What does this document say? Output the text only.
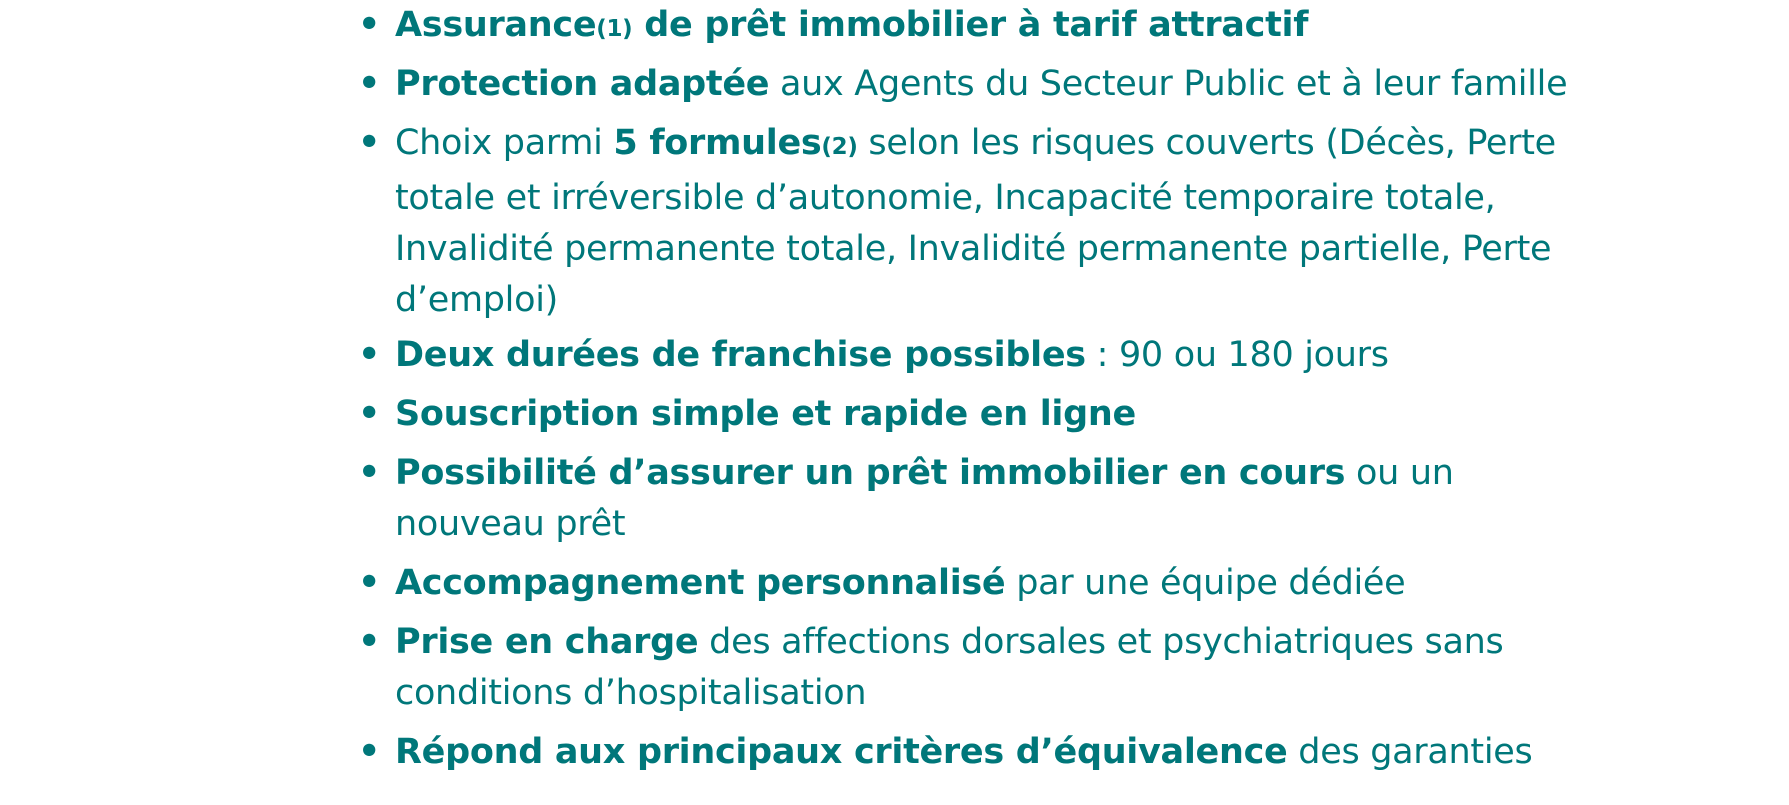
• Assurance(1) de prêt immobilier à tarif attractif
• Protection adaptée aux Agents du Secteur Public et à leur famille
• Choix parmi 5 formules(2) selon les risques couverts (Décès, Perte
totale et irréversible d’autonomie, Incapacité temporaire totale,
Invalidité permanente totale, Invalidité permanente partielle, Perte
d’emploi)
• Deux durées de franchise possibles : 90 ou 180 jours
• Souscription simple et rapide en ligne
• Possibilité d’assurer un prêt immobilier en cours ou un
nouveau prêt
• Accompagnement personnalisé par une équipe dédiée
• Prise en charge des affections dorsales et psychiatriques sans
conditions d’hospitalisation
• Répond aux principaux critères d’équivalence des garanties
